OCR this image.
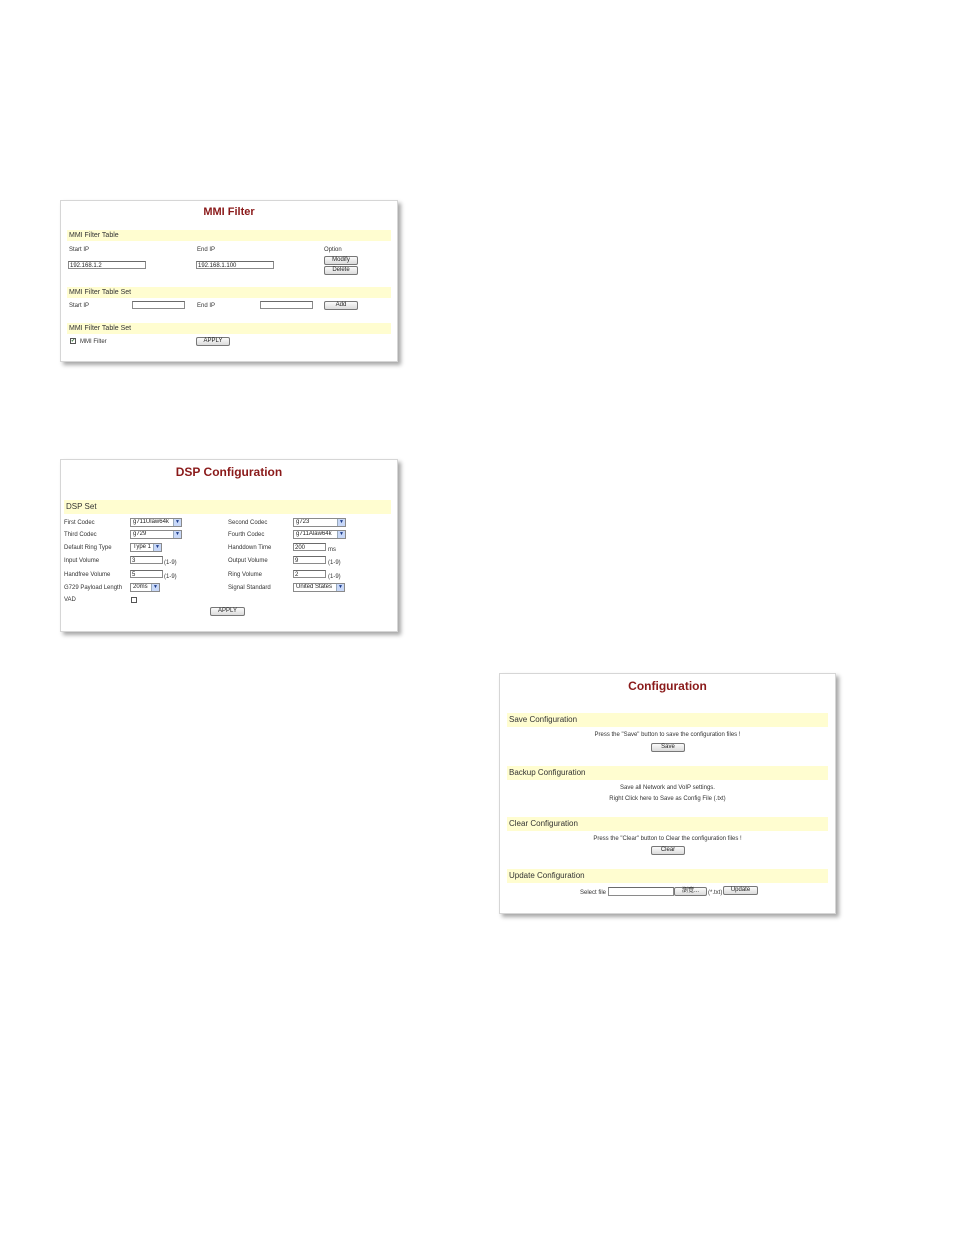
MMI Filter
MMI Filter Table
Start IP	End IP	Option
192.168.1.2	192.168.1.100
Modify
Delete
MMI Filter Table Set
Start IP	End IP	Add
MMI Filter Table Set
✔ MMI Filter	APPLY
DSP Configuration
DSP Set
First Codec	g711Ulaw64k	▼	Second Codec	g723	▼
Third Codec	g729	▼	Fourth Codec	g711Alaw64k	▼
Default Ring Type	Type 1 ▼	Handdown Time	200	ms
Input Volume	3	(1-9)	Output Volume	9	(1-9)
Handfree Volume	5	(1-9)	Ring Volume	2	(1-9)
G729 Payload Length	20ms	▼	Signal Standard	United States	▼
VAD
APPLY
Configuration
Save Configuration
Press the "Save" button to save the configuration files !
Save
Backup Configuration
Save all Network and VoIP settings.
Right Click here to Save as Config File (.txt)
Clear Configuration
Press the "Clear" button to Clear the configuration files !
Clear
Update Configuration
Select file	瀏覽...	(*.txt)	Update
